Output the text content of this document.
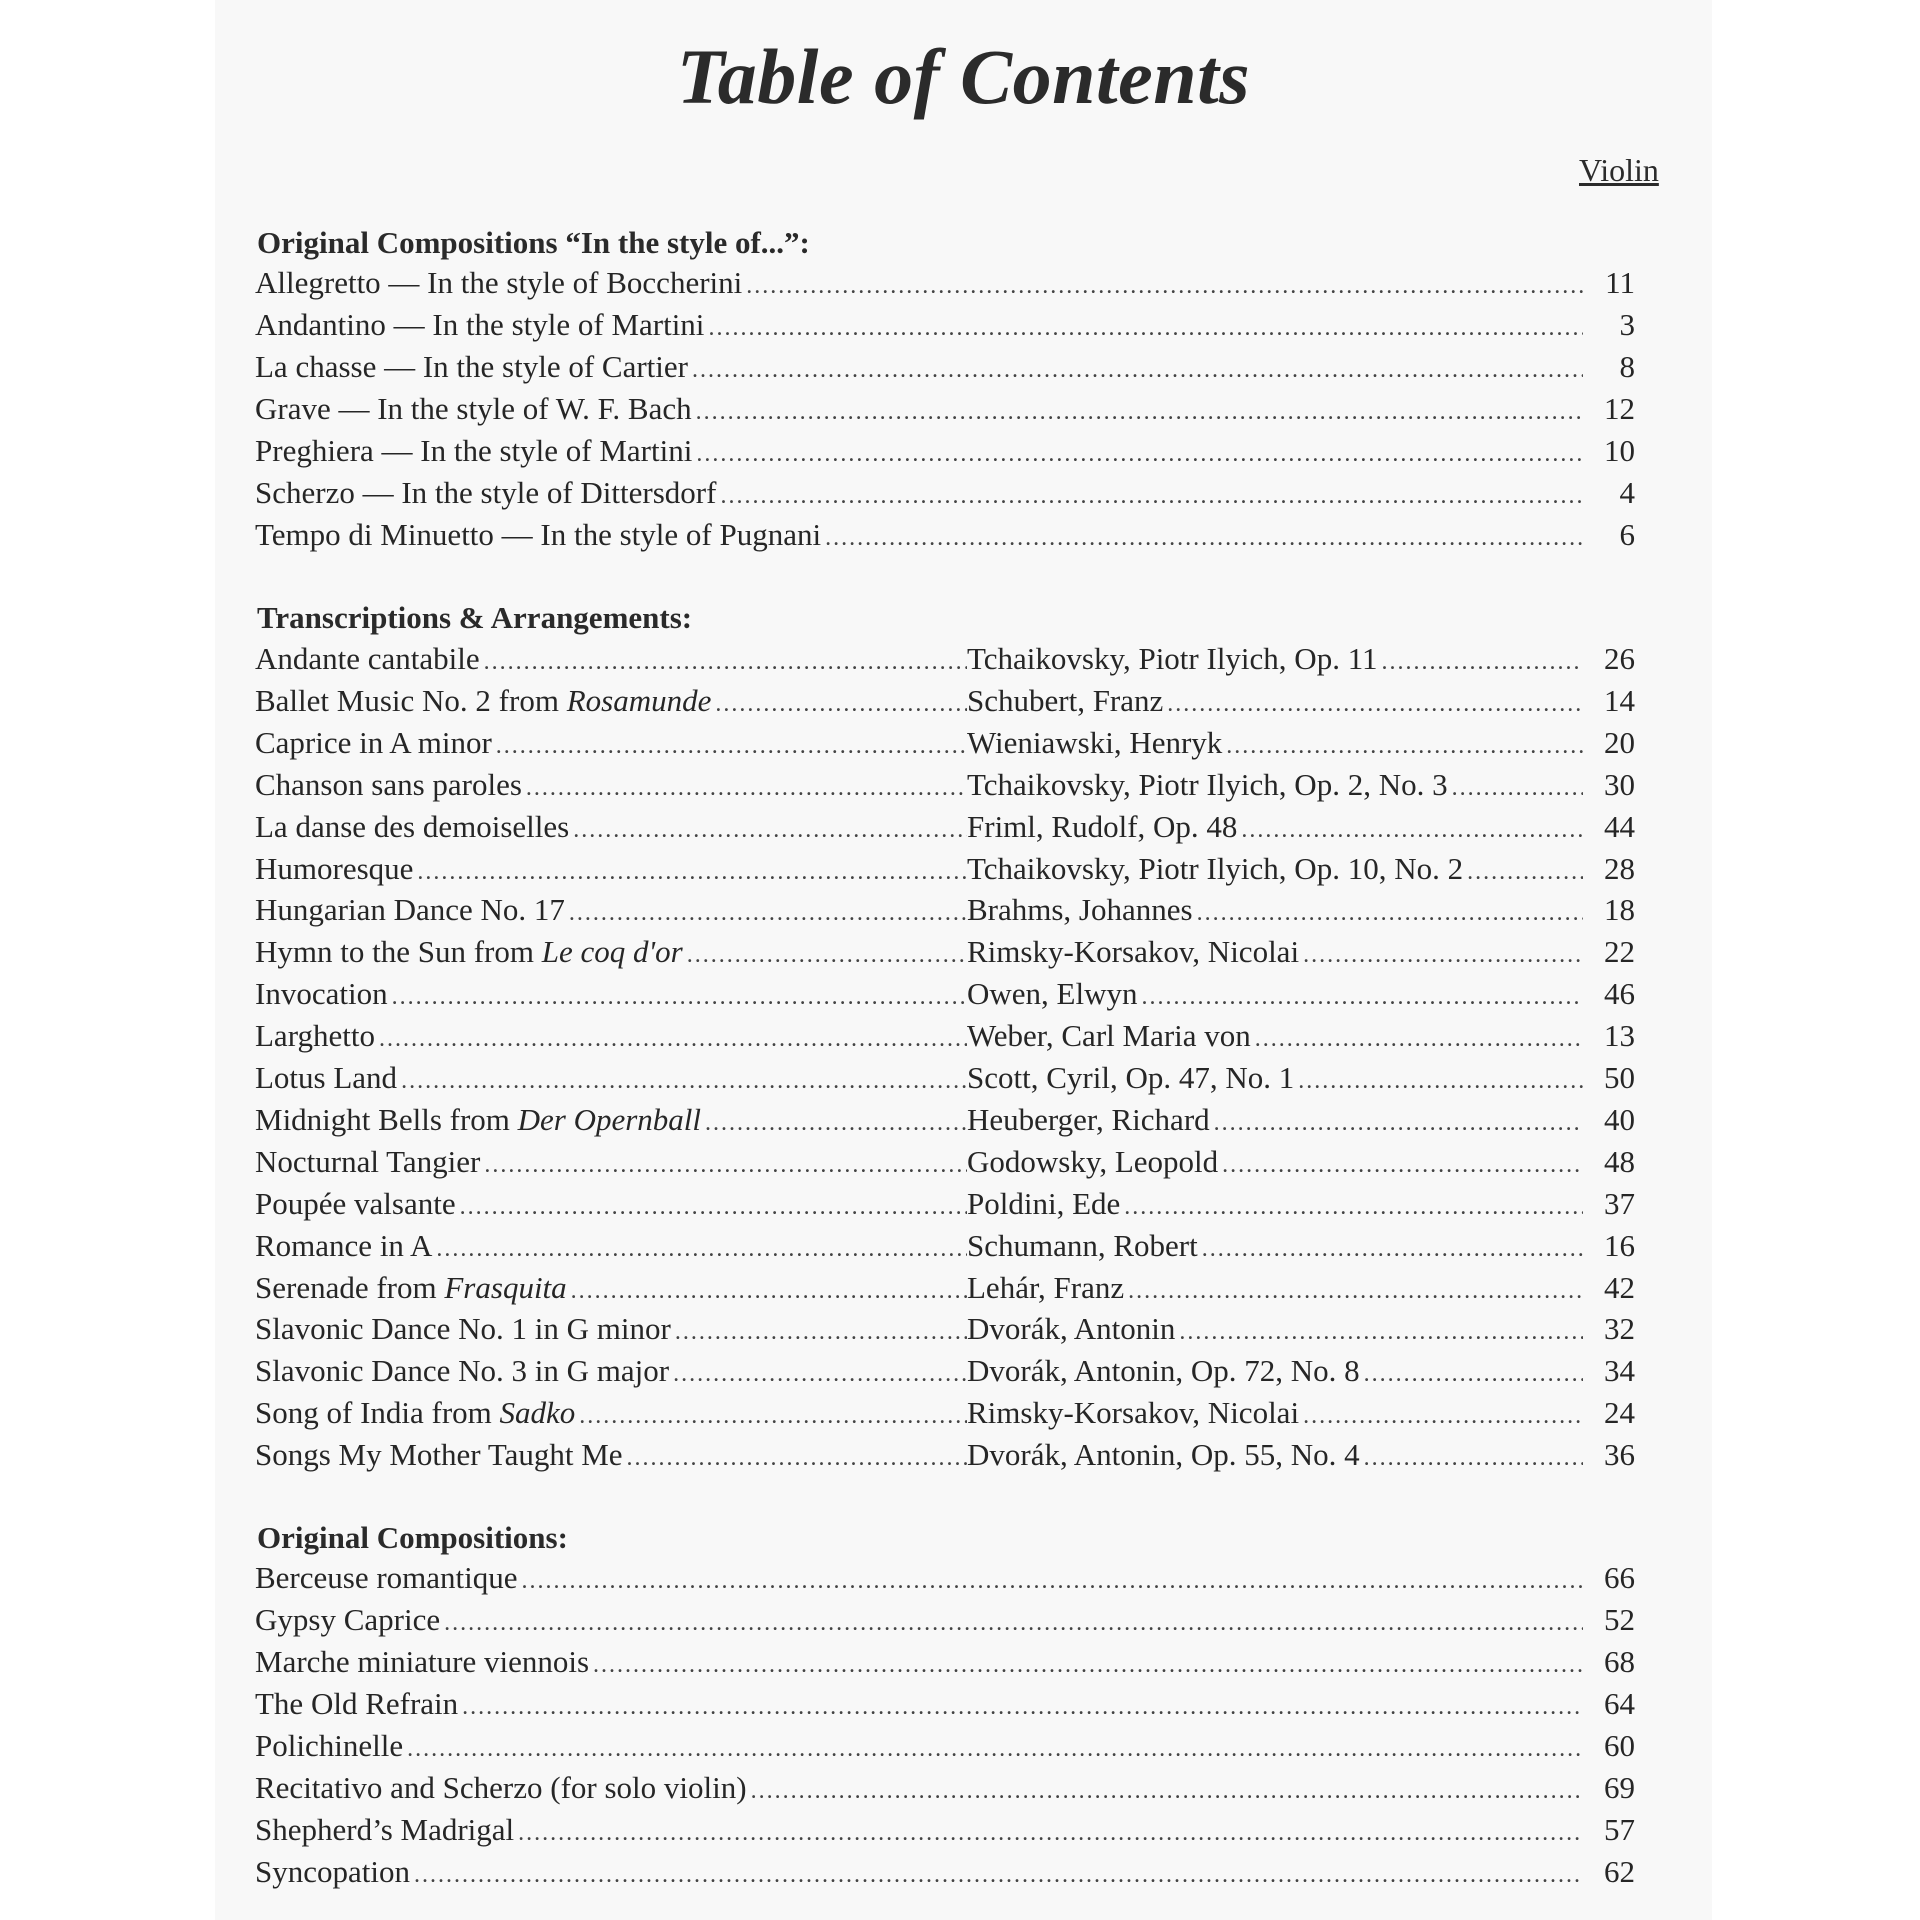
Table of Contents
Violin
Original Compositions “In the style of...”:
Allegretto — In the style of Boccherini .....	11
Andantino — In the style of Martini .....	3
La chasse — In the style of Cartier .....	8
Grave — In the style of W. F. Bach .....	12
Preghiera — In the style of Martini .....	10
Scherzo — In the style of Dittersdorf .....	4
Tempo di Minuetto — In the style of Pugnani .....	6
Transcriptions & Arrangements:
Andante cantabile .....	Tchaikovsky, Piotr Ilyich, Op. 11 .....	26
Ballet Music No. 2 from
Rosamunde .....	Schubert, Franz .....	14
Caprice in A minor .....	Wieniawski, Henryk .....	20
Chanson sans paroles .....	Tchaikovsky, Piotr Ilyich, Op. 2, No. 3 .....	30
La danse des demoiselles .....	Friml, Rudolf, Op. 48 .....	44
Humoresque .....	Tchaikovsky, Piotr Ilyich, Op. 10, No. 2 .....	28
Hungarian Dance No. 17 .....	Brahms, Johannes .....	18
Hymn to the Sun from
Le coq d'or .....	Rimsky-Korsakov, Nicolai .....	22
Invocation .....	Owen, Elwyn .....	46
Larghetto .....	Weber, Carl Maria von .....	13
Lotus Land .....	Scott, Cyril, Op. 47, No. 1 .....	50
Midnight Bells from
Der Opernball .....	Heuberger, Richard .....	40
Nocturnal Tangier .....	Godowsky, Leopold .....	48
Poupée valsante .....	Poldini, Ede .....	37
Romance in A .....	Schumann, Robert .....	16
Serenade from
Frasquita .....	Lehár, Franz .....	42
Slavonic Dance No. 1 in G minor .....	Dvorák, Antonin .....	32
Slavonic Dance No. 3 in G major .....	Dvorák, Antonin, Op. 72, No. 8 .....	34
Song of India from
Sadko .....	Rimsky-Korsakov, Nicolai .....	24
Songs My Mother Taught Me .....	Dvorák, Antonin, Op. 55, No. 4 .....	36
Original Compositions:
Berceuse romantique .....	66
Gypsy Caprice .....	52
Marche miniature viennois .....	68
The Old Refrain .....	64
Polichinelle .....	60
Recitativo and Scherzo (for solo violin) .....	69
Shepherd’s Madrigal .....	57
Syncopation .....	62
